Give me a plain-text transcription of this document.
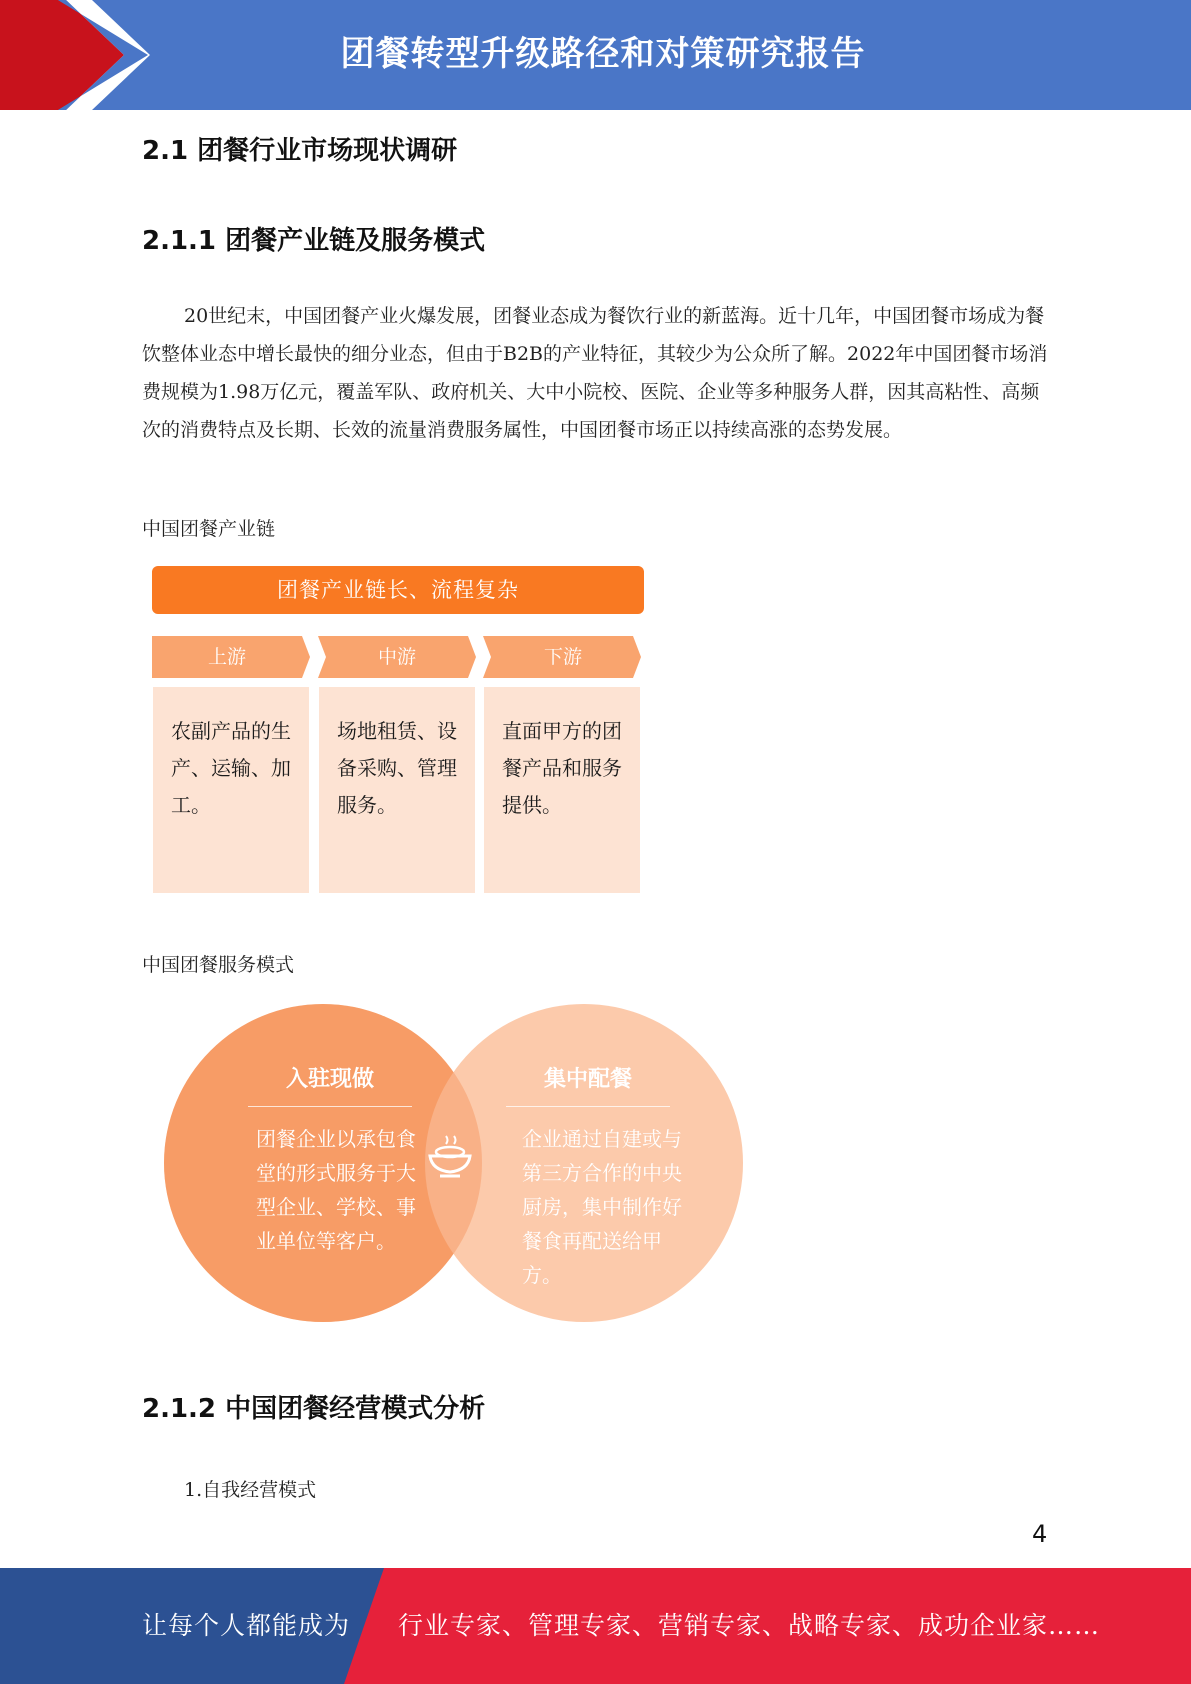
团餐转型升级路径和对策研究报告
2.1 团餐行业市场现状调研
2.1.1 团餐产业链及服务模式
20世纪末，中国团餐产业火爆发展，团餐业态成为餐饮行业的新蓝海。近十几年，中国团餐市场成为餐饮整体业态中增长最快的细分业态，但由于B2B的产业特征，其较少为公众所了解。2022年中国团餐市场消费规模为1.98万亿元，覆盖军队、政府机关、大中小院校、医院、企业等多种服务人群，因其高粘性、高频次的消费特点及长期、长效的流量消费服务属性，中国团餐市场正以持续高涨的态势发展。
中国团餐产业链
团餐产业链长、流程复杂
上游	中游	下游
农副产品的生产、运输、加工。
场地租赁、设备采购、管理服务。
直面甲方的团餐产品和服务提供。
中国团餐服务模式
入驻现做
团餐企业以承包食堂的形式服务于大型企业、学校、事业单位等客户。
集中配餐
企业通过自建或与第三方合作的中央厨房，集中制作好餐食再配送给甲方。
2.1.2 中国团餐经营模式分析
1.自我经营模式
4
让每个人都能成为 行业专家、管理专家、营销专家、战略专家、成功企业家……
